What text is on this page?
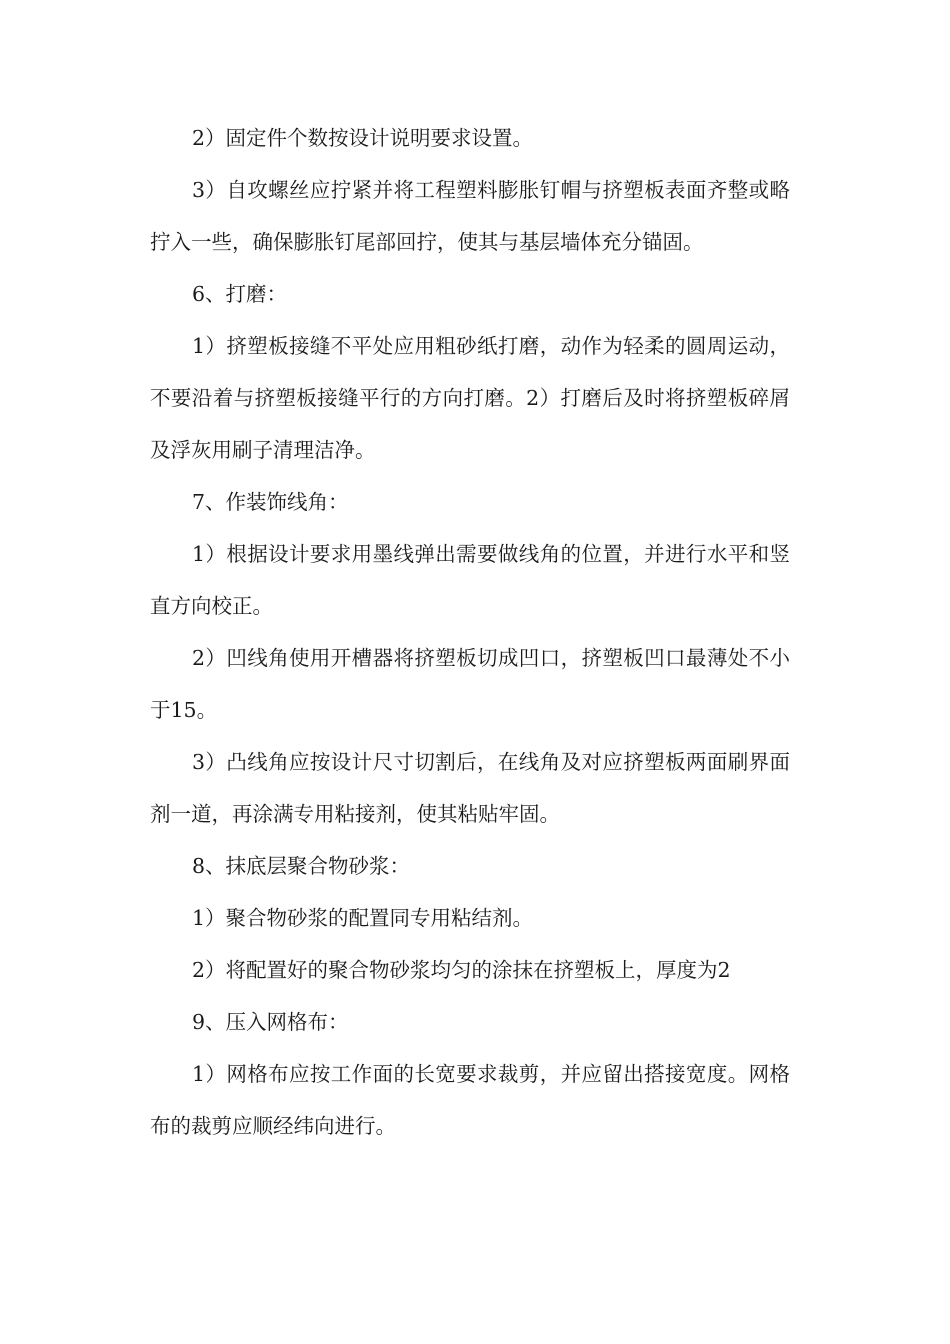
2）固定件个数按设计说明要求设置。

3）自攻螺丝应拧紧并将工程塑料膨胀钉帽与挤塑板表面齐整或略拧入一些，确保膨胀钉尾部回拧，使其与基层墙体充分锚固。

6、打磨：

1）挤塑板接缝不平处应用粗砂纸打磨，动作为轻柔的圆周运动，不要沿着与挤塑板接缝平行的方向打磨。2）打磨后及时将挤塑板碎屑及浮灰用刷子清理洁净。

7、作装饰线角：

1）根据设计要求用墨线弹出需要做线角的位置，并进行水平和竖直方向校正。

2）凹线角使用开槽器将挤塑板切成凹口，挤塑板凹口最薄处不小于15。

3）凸线角应按设计尺寸切割后，在线角及对应挤塑板两面刷界面剂一道，再涂满专用粘接剂，使其粘贴牢固。

8、抹底层聚合物砂浆：

1）聚合物砂浆的配置同专用粘结剂。

2）将配置好的聚合物砂浆均匀的涂抹在挤塑板上，厚度为2

9、压入网格布：

1）网格布应按工作面的长宽要求裁剪，并应留出搭接宽度。网格布的裁剪应顺经纬向进行。
